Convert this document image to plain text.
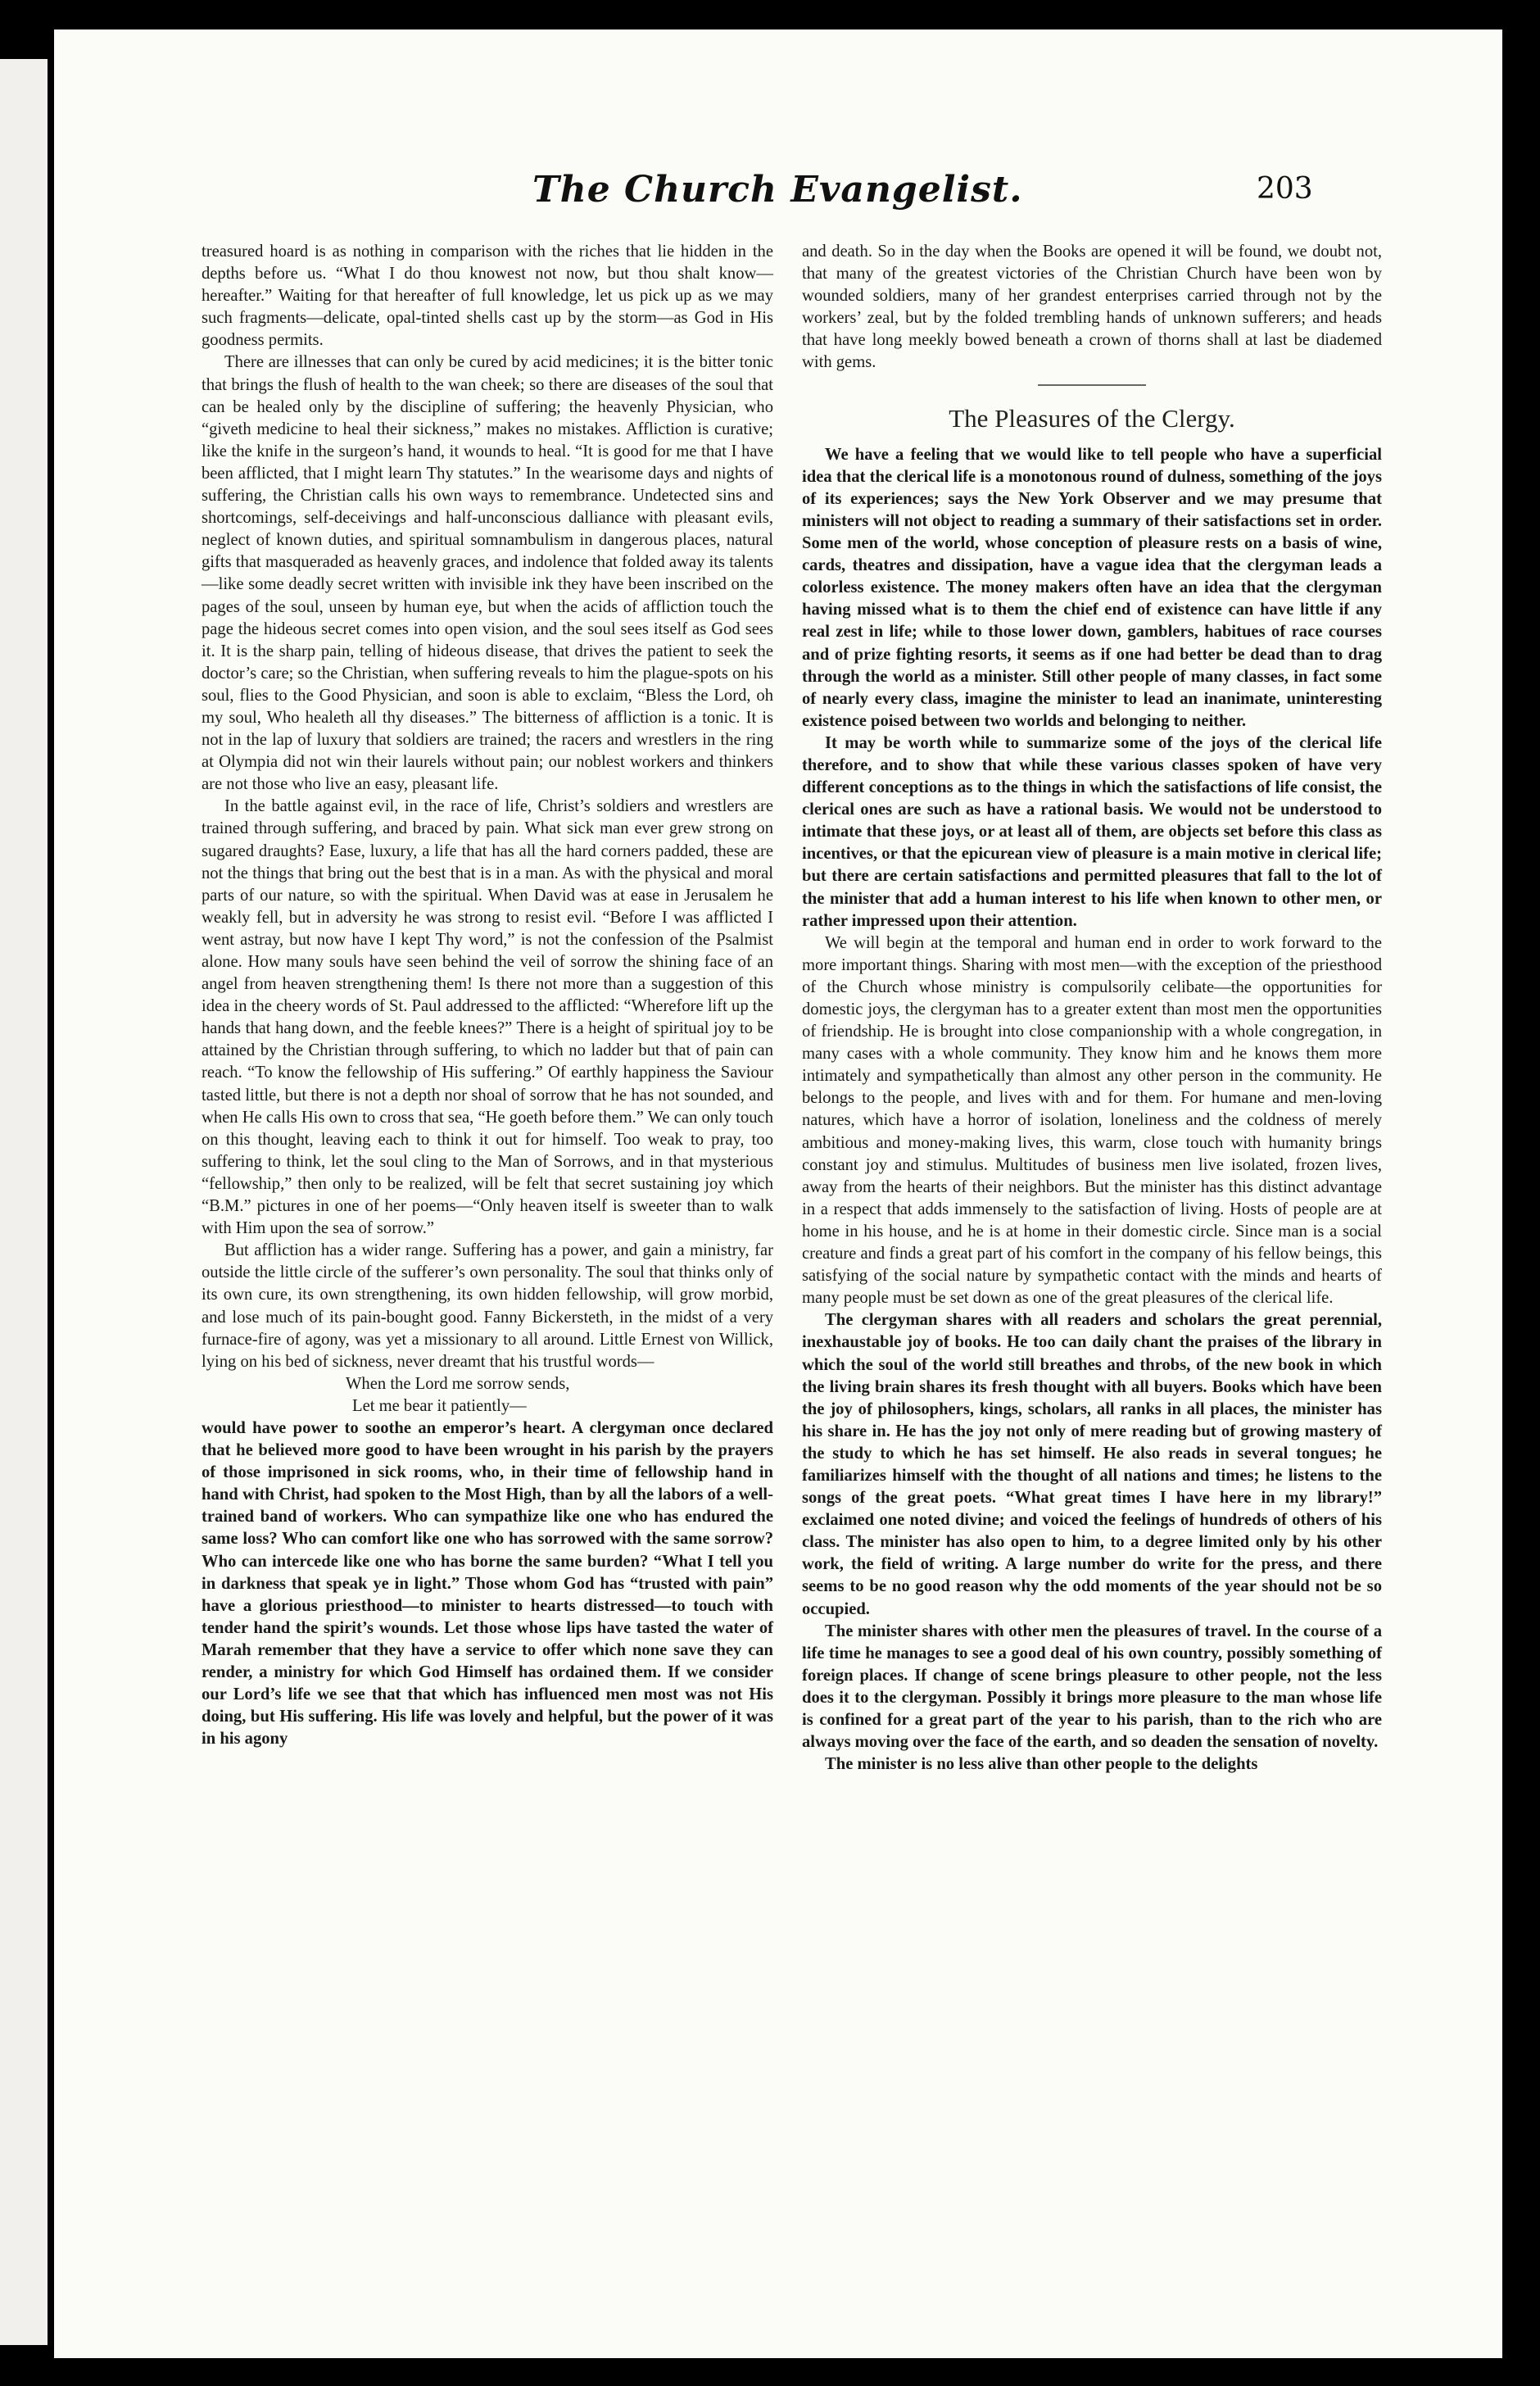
The Church Evangelist.	203

treasured hoard is as nothing in comparison with the riches that lie hidden in the depths before us. “What I do thou knowest not now, but thou shalt know—hereafter.” Waiting for that hereafter of full knowledge, let us pick up as we may such fragments—delicate, opal-tinted shells cast up by the storm—as God in His goodness permits.

There are illnesses that can only be cured by acid medicines; it is the bitter tonic that brings the flush of health to the wan cheek; so there are diseases of the soul that can be healed only by the discipline of suffering; the heavenly Physician, who “giveth medicine to heal their sickness,” makes no mistakes. Affliction is curative; like the knife in the surgeon’s hand, it wounds to heal. “It is good for me that I have been afflicted, that I might learn Thy statutes.” In the wearisome days and nights of suffering, the Christian calls his own ways to remembrance. Undetected sins and shortcomings, self-deceivings and half-unconscious dalliance with pleasant evils, neglect of known duties, and spiritual somnambulism in dangerous places, natural gifts that masqueraded as heavenly graces, and indolence that folded away its talents—like some deadly secret written with invisible ink they have been inscribed on the pages of the soul, unseen by human eye, but when the acids of affliction touch the page the hideous secret comes into open vision, and the soul sees itself as God sees it. It is the sharp pain, telling of hideous disease, that drives the patient to seek the doctor’s care; so the Christian, when suffering reveals to him the plague-spots on his soul, flies to the Good Physician, and soon is able to exclaim, “Bless the Lord, oh my soul, Who healeth all thy diseases.” The bitterness of affliction is a tonic. It is not in the lap of luxury that soldiers are trained; the racers and wrestlers in the ring at Olympia did not win their laurels without pain; our noblest workers and thinkers are not those who live an easy, pleasant life.

In the battle against evil, in the race of life, Christ’s soldiers and wrestlers are trained through suffering, and braced by pain. What sick man ever grew strong on sugared draughts? Ease, luxury, a life that has all the hard corners padded, these are not the things that bring out the best that is in a man. As with the physical and moral parts of our nature, so with the spiritual. When David was at ease in Jerusalem he weakly fell, but in adversity he was strong to resist evil. “Before I was afflicted I went astray, but now have I kept Thy word,” is not the confession of the Psalmist alone. How many souls have seen behind the veil of sorrow the shining face of an angel from heaven strengthening them! Is there not more than a suggestion of this idea in the cheery words of St. Paul addressed to the afflicted: “Wherefore lift up the hands that hang down, and the feeble knees?” There is a height of spiritual joy to be attained by the Christian through suffering, to which no ladder but that of pain can reach. “To know the fellowship of His suffering.” Of earthly happiness the Saviour tasted little, but there is not a depth nor shoal of sorrow that he has not sounded, and when He calls His own to cross that sea, “He goeth before them.” We can only touch on this thought, leaving each to think it out for himself. Too weak to pray, too suffering to think, let the soul cling to the Man of Sorrows, and in that mysterious “fellowship,” then only to be realized, will be felt that secret sustaining joy which “B.M.” pictures in one of her poems—“Only heaven itself is sweeter than to walk with Him upon the sea of sorrow.”

But affliction has a wider range. Suffering has a power, and gain a ministry, far outside the little circle of the sufferer’s own personality. The soul that thinks only of its own cure, its own strengthening, its own hidden fellowship, will grow morbid, and lose much of its pain-bought good. Fanny Bickersteth, in the midst of a very furnace-fire of agony, was yet a missionary to all around. Little Ernest von Willick, lying on his bed of sickness, never dreamt that his trustful words—

When the Lord me sorrow sends,
Let me bear it patiently—

would have power to soothe an emperor’s heart. A clergyman once declared that he believed more good to have been wrought in his parish by the prayers of those imprisoned in sick rooms, who, in their time of fellowship hand in hand with Christ, had spoken to the Most High, than by all the labors of a well-trained band of workers. Who can sympathize like one who has endured the same loss? Who can comfort like one who has sorrowed with the same sorrow? Who can intercede like one who has borne the same burden? “What I tell you in darkness that speak ye in light.” Those whom God has “trusted with pain” have a glorious priesthood—to minister to hearts distressed—to touch with tender hand the spirit’s wounds. Let those whose lips have tasted the water of Marah remember that they have a service to offer which none save they can render, a ministry for which God Himself has ordained them. If we consider our Lord’s life we see that that which has influenced men most was not His doing, but His suffering. His life was lovely and helpful, but the power of it was in his agony

and death. So in the day when the Books are opened it will be found, we doubt not, that many of the greatest victories of the Christian Church have been won by wounded soldiers, many of her grandest enterprises carried through not by the workers’ zeal, but by the folded trembling hands of unknown sufferers; and heads that have long meekly bowed beneath a crown of thorns shall at last be diademed with gems.

The Pleasures of the Clergy.

We have a feeling that we would like to tell people who have a superficial idea that the clerical life is a monotonous round of dulness, something of the joys of its experiences; says the New York Observer and we may presume that ministers will not object to reading a summary of their satisfactions set in order. Some men of the world, whose conception of pleasure rests on a basis of wine, cards, theatres and dissipation, have a vague idea that the clergyman leads a colorless existence. The money makers often have an idea that the clergyman having missed what is to them the chief end of existence can have little if any real zest in life; while to those lower down, gamblers, habitues of race courses and of prize fighting resorts, it seems as if one had better be dead than to drag through the world as a minister. Still other people of many classes, in fact some of nearly every class, imagine the minister to lead an inanimate, uninteresting existence poised between two worlds and belonging to neither.

It may be worth while to summarize some of the joys of the clerical life therefore, and to show that while these various classes spoken of have very different conceptions as to the things in which the satisfactions of life consist, the clerical ones are such as have a rational basis. We would not be understood to intimate that these joys, or at least all of them, are objects set before this class as incentives, or that the epicurean view of pleasure is a main motive in clerical life; but there are certain satisfactions and permitted pleasures that fall to the lot of the minister that add a human interest to his life when known to other men, or rather impressed upon their attention.

We will begin at the temporal and human end in order to work forward to the more important things. Sharing with most men—with the exception of the priesthood of the Church whose ministry is compulsorily celibate—the opportunities for domestic joys, the clergyman has to a greater extent than most men the opportunities of friendship. He is brought into close companionship with a whole congregation, in many cases with a whole community. They know him and he knows them more intimately and sympathetically than almost any other person in the community. He belongs to the people, and lives with and for them. For humane and men-loving natures, which have a horror of isolation, loneliness and the coldness of merely ambitious and money-making lives, this warm, close touch with humanity brings constant joy and stimulus. Multitudes of business men live isolated, frozen lives, away from the hearts of their neighbors. But the minister has this distinct advantage in a respect that adds immensely to the satisfaction of living. Hosts of people are at home in his house, and he is at home in their domestic circle. Since man is a social creature and finds a great part of his comfort in the company of his fellow beings, this satisfying of the social nature by sympathetic contact with the minds and hearts of many people must be set down as one of the great pleasures of the clerical life.

The clergyman shares with all readers and scholars the great perennial, inexhaustable joy of books. He too can daily chant the praises of the library in which the soul of the world still breathes and throbs, of the new book in which the living brain shares its fresh thought with all buyers. Books which have been the joy of philosophers, kings, scholars, all ranks in all places, the minister has his share in. He has the joy not only of mere reading but of growing mastery of the study to which he has set himself. He also reads in several tongues; he familiarizes himself with the thought of all nations and times; he listens to the songs of the great poets. “What great times I have here in my library!” exclaimed one noted divine; and voiced the feelings of hundreds of others of his class. The minister has also open to him, to a degree limited only by his other work, the field of writing. A large number do write for the press, and there seems to be no good reason why the odd moments of the year should not be so occupied.

The minister shares with other men the pleasures of travel. In the course of a life time he manages to see a good deal of his own country, possibly something of foreign places. If change of scene brings pleasure to other people, not the less does it to the clergyman. Possibly it brings more pleasure to the man whose life is confined for a great part of the year to his parish, than to the rich who are always moving over the face of the earth, and so deaden the sensation of novelty.

The minister is no less alive than other people to the delights
